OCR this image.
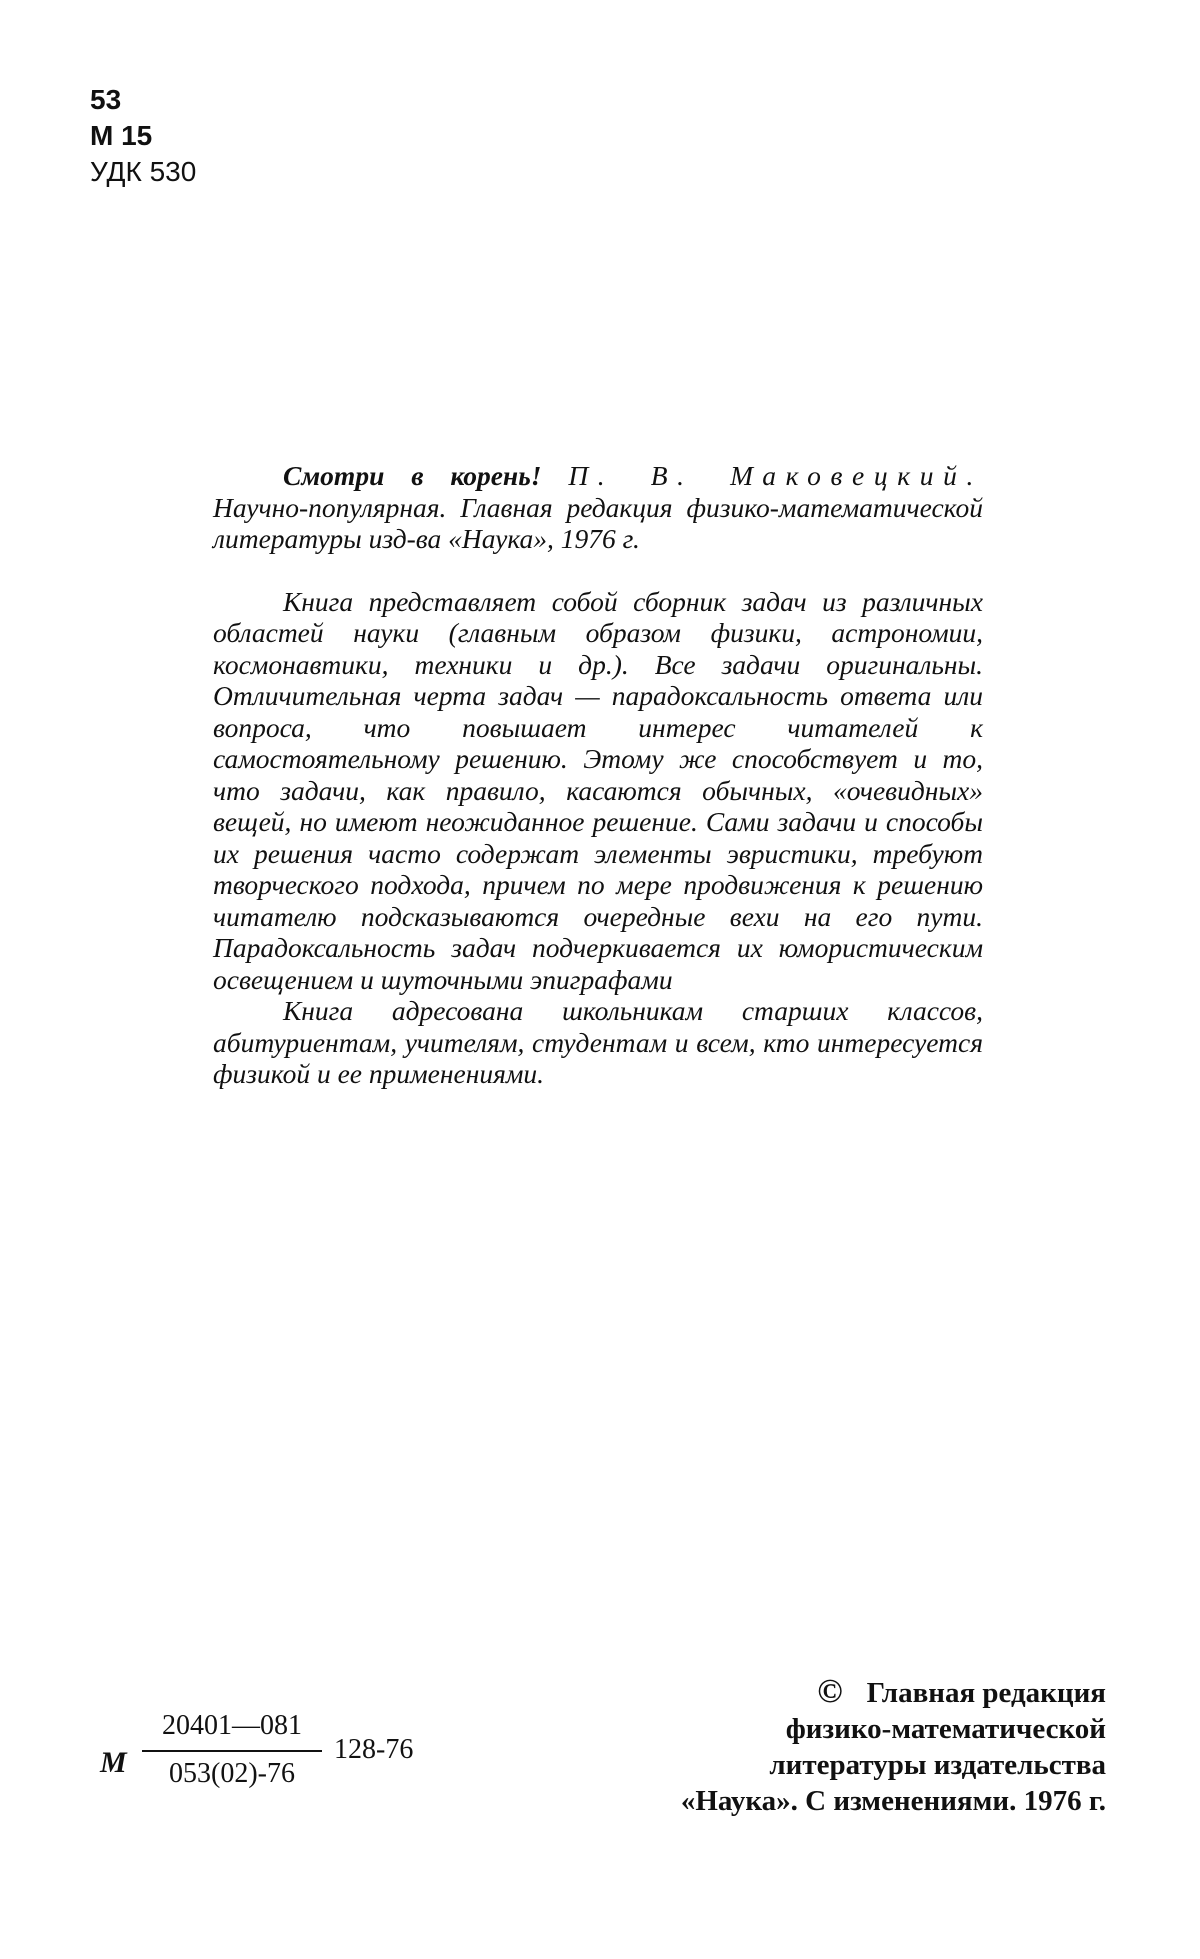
53
М 15
УДК 530

Смотри в корень! П. В. Маковецкий. Научно-популярная. Главная редакция физико-математической литературы изд-ва «Наука», 1976 г.

Книга представляет собой сборник задач из различных областей науки (главным образом физики, астрономии, космонавтики, техники и др.). Все задачи оригинальны. Отличительная черта задач — парадоксальность ответа или вопроса, что повышает интерес читателей к самостоятельному решению. Этому же способствует и то, что задачи, как правило, касаются обычных, «очевидных» вещей, но имеют неожиданное решение. Сами задачи и способы их решения часто содержат элементы эвристики, требуют творческого подхода, причем по мере продвижения к решению читателю подсказываются очередные вехи на его пути. Парадоксальность задач подчеркивается их юмористическим освещением и шуточными эпиграфами

Книга адресована школьникам старших классов, абитуриентам, учителям, студентам и всем, кто интересуется физикой и ее применениями.

М
20401—081
053(02)-76
128-76
© Главная редакция
физико-математической
литературы издательства
«Наука». С изменениями. 1976 г.
